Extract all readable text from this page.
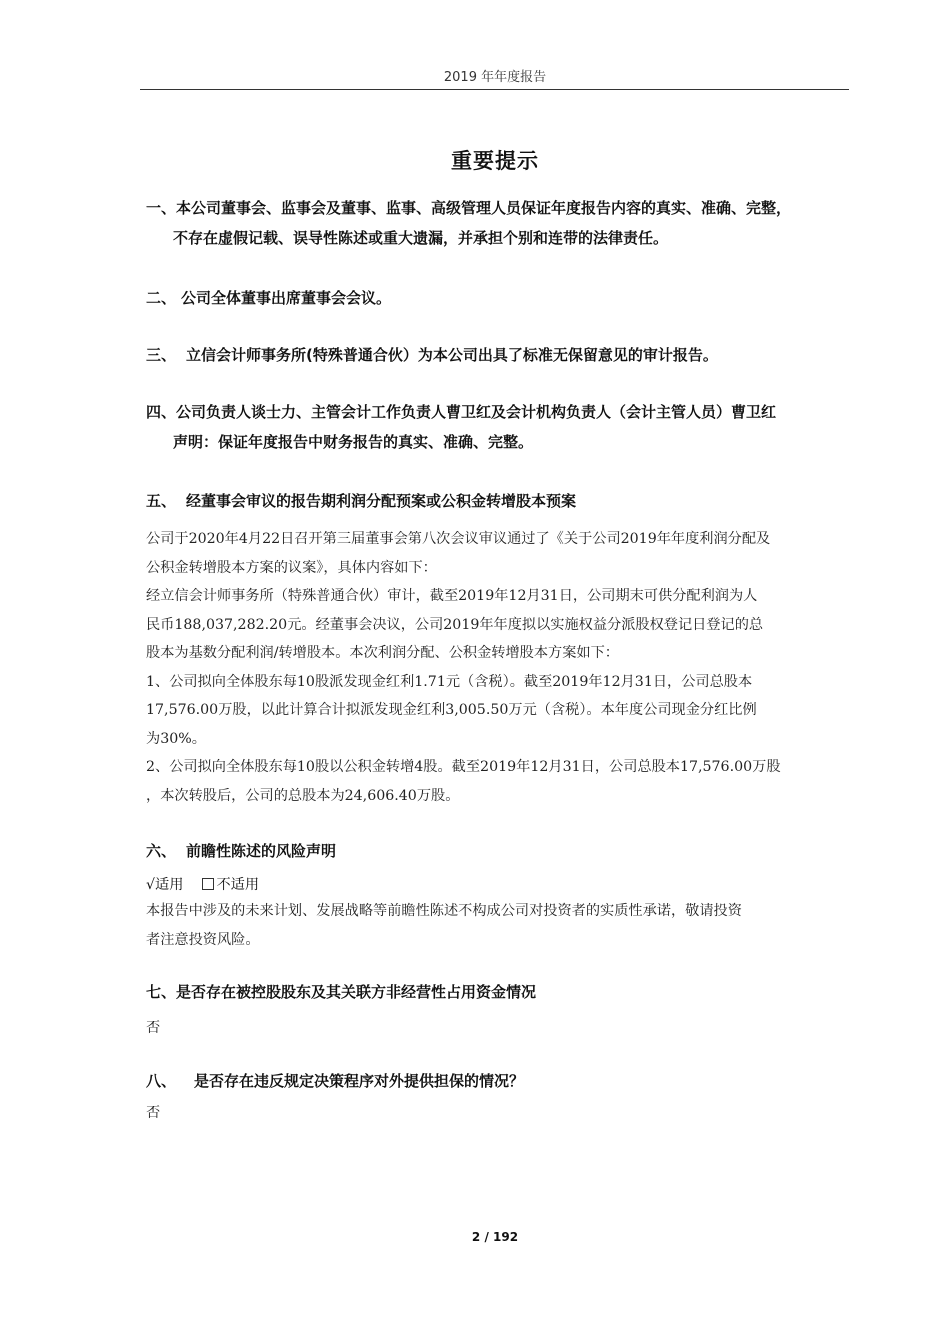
2019 年年度报告
重要提示
一、本公司董事会、监事会及董事、监事、高级管理人员保证年度报告内容的真实、准确、完整，
不存在虚假记载、误导性陈述或重大遗漏，并承担个别和连带的法律责任。
二、 公司全体董事出席董事会会议。
三、 立信会计师事务所(特殊普通合伙）为本公司出具了标准无保留意见的审计报告。
四、公司负责人谈士力、主管会计工作负责人曹卫红及会计机构负责人（会计主管人员）曹卫红
声明：保证年度报告中财务报告的真实、准确、完整。
五、 经董事会审议的报告期利润分配预案或公积金转增股本预案

公司于2020年4月22日召开第三届董事会第八次会议审议通过了《关于公司2019年年度利润分配及

公积金转增股本方案的议案》，具体内容如下：

经立信会计师事务所（特殊普通合伙）审计，截至2019年12月31日，公司期末可供分配利润为人

民币188,037,282.20元。经董事会决议，公司2019年年度拟以实施权益分派股权登记日登记的总

股本为基数分配利润/转增股本。本次利润分配、公积金转增股本方案如下：

1、公司拟向全体股东每10股派发现金红利1.71元（含税）。截至2019年12月31日，公司总股本

17,576.00万股，以此计算合计拟派发现金红利3,005.50万元（含税）。本年度公司现金分红比例

为30%。

2、公司拟向全体股东每10股以公积金转增4股。截至2019年12月31日，公司总股本17,576.00万股

，本次转股后，公司的总股本为24,606.40万股。

六、 前瞻性陈述的风险声明
√适用 不适用

本报告中涉及的未来计划、发展战略等前瞻性陈述不构成公司对投资者的实质性承诺，敬请投资

者注意投资风险。

七、是否存在被控股股东及其关联方非经营性占用资金情况

否

八、 是否存在违反规定决策程序对外提供担保的情况？

否

2 / 192
